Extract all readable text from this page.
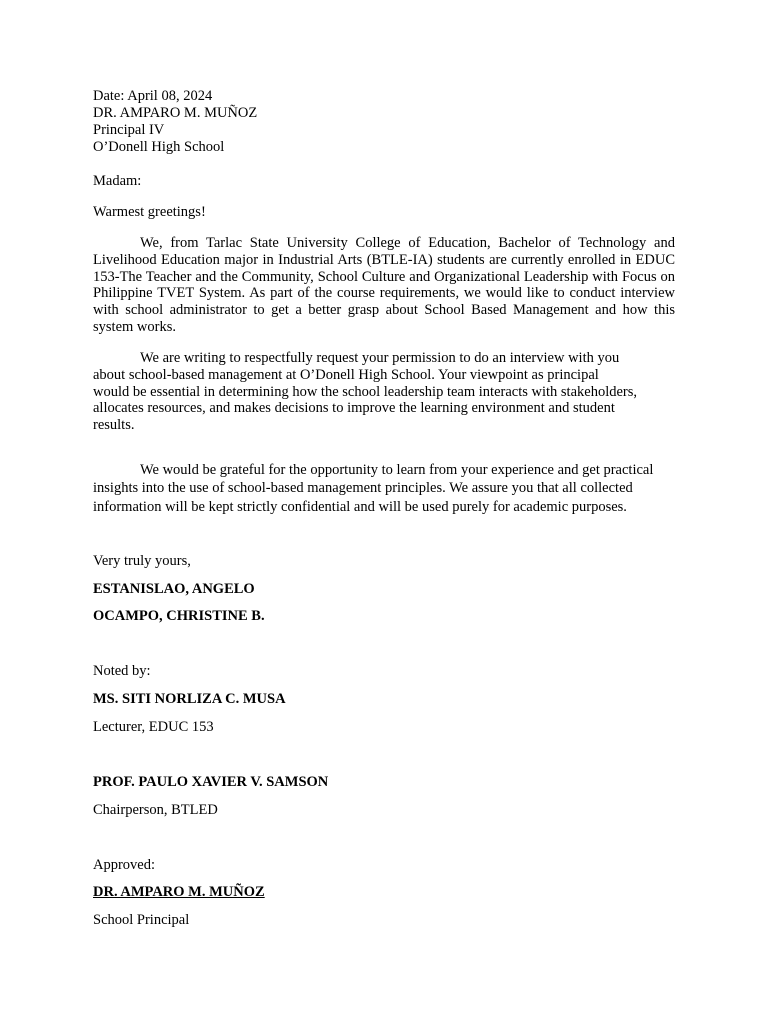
Date: April 08, 2024
DR. AMPARO M. MUÑOZ
Principal IV
O’Donell High School
Madam:
Warmest greetings!

We, from Tarlac State University College of Education, Bachelor of Technology and Livelihood Education major in Industrial Arts (BTLE-IA) students are currently enrolled in EDUC 153-The Teacher and the Community, School Culture and Organizational Leadership with Focus on Philippine TVET System. As part of the course requirements, we would like to conduct interview with school administrator to get a better grasp about School Based Management and how this system works.

We are writing to respectfully request your permission to do an interview with you
about school-based management at O’Donell High School. Your viewpoint as principal
would be essential in determining how the school leadership team interacts with stakeholders,
allocates resources, and makes decisions to improve the learning environment and student
results.
We would be grateful for the opportunity to learn from your experience and get practical
insights into the use of school-based management principles. We assure you that all collected
information will be kept strictly confidential and will be used purely for academic purposes.
Very truly yours,
ESTANISLAO, ANGELO
OCAMPO, CHRISTINE B.
Noted by:
MS. SITI NORLIZA C. MUSA
Lecturer, EDUC 153
PROF. PAULO XAVIER V. SAMSON
Chairperson, BTLED
Approved:
DR. AMPARO M. MUÑOZ
School Principal
